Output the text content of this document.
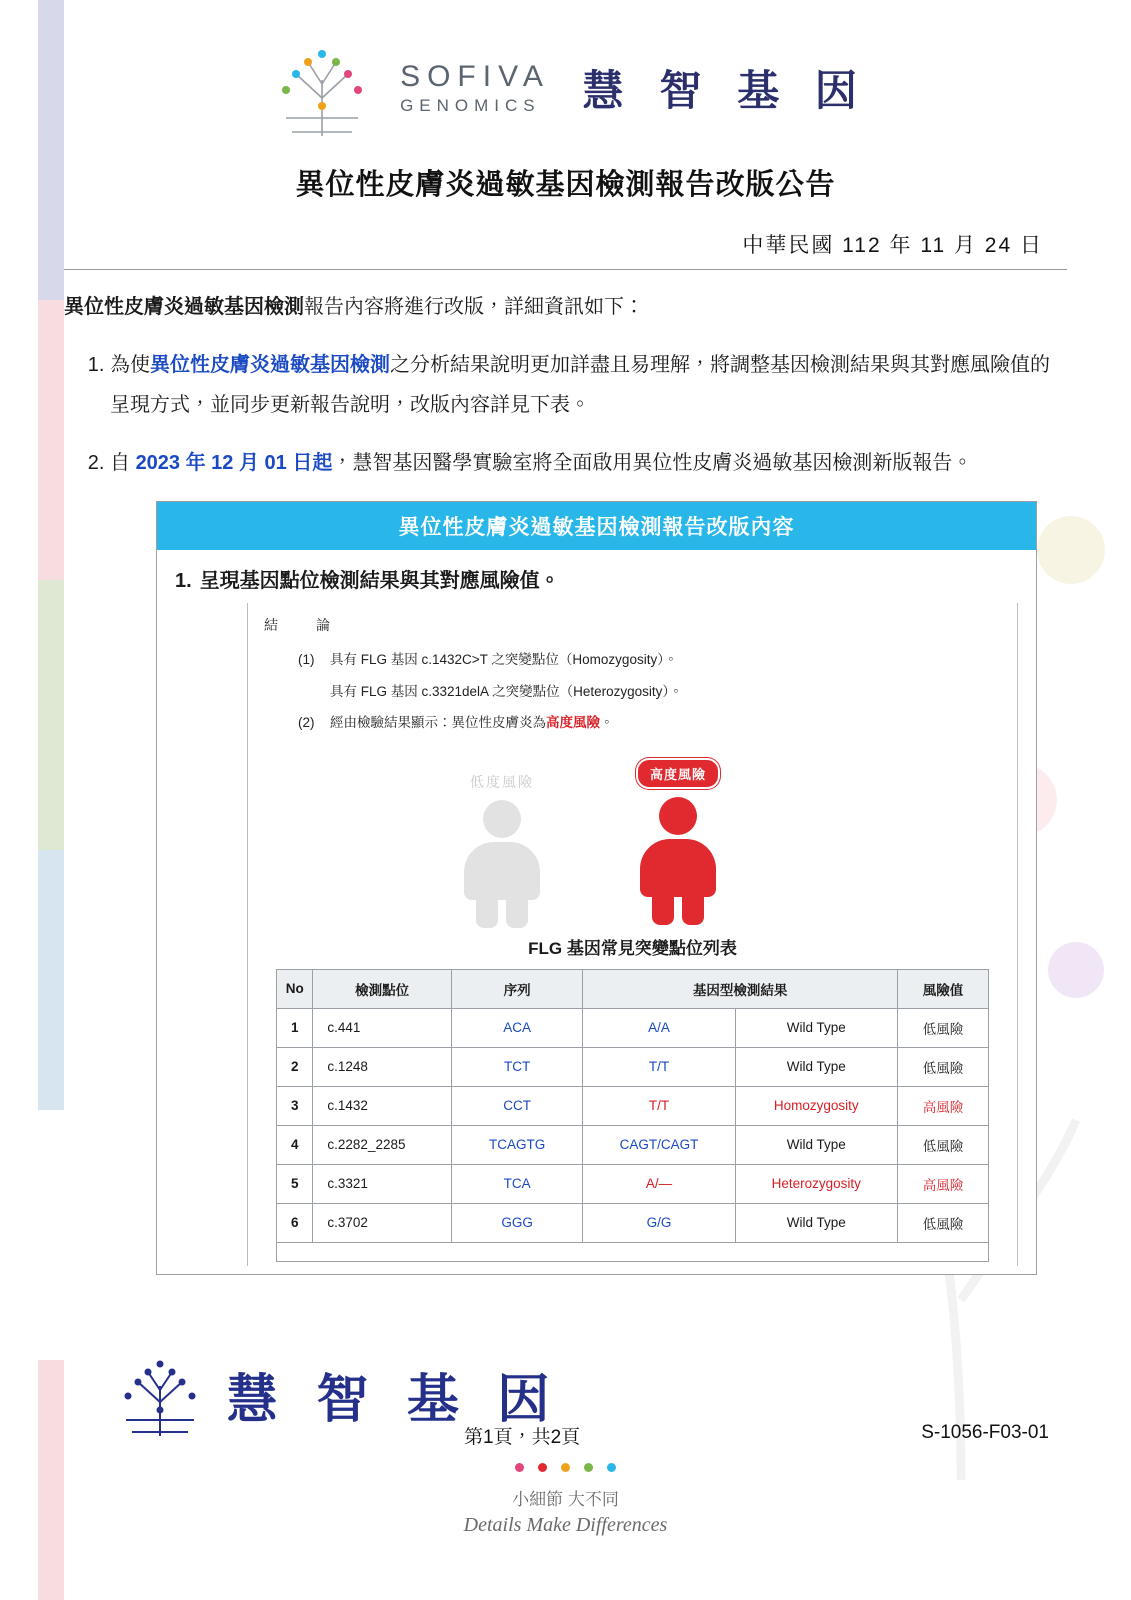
SOFIVA
GENOMICS 慧 智 基 因
異位性皮膚炎過敏基因檢測報告改版公告
中華民國 112 年 11 月 24 日

異位性皮膚炎過敏基因檢測報告內容將進行改版，詳細資訊如下：

1. 為使異位性皮膚炎過敏基因檢測之分析結果說明更加詳盡且易理解，將調整基因檢測結果與其對應風險值的呈現方式，並同步更新報告說明，改版內容詳見下表。
2. 自 2023 年 12 月 01 日起，慧智基因醫學實驗室將全面啟用異位性皮膚炎過敏基因檢測新版報告。
異位性皮膚炎過敏基因檢測報告改版內容
1. 呈現基因點位檢測結果與其對應風險值。
結　論
(1) 具有 FLG 基因 c.1432C>T 之突變點位（Homozygosity）。
具有 FLG 基因 c.3321delA 之突變點位（Heterozygosity）。
(2) 經由檢驗結果顯示：異位性皮膚炎為高度風險。
低度風險	高度風險
FLG 基因常見突變點位列表
No	檢測點位	序列	基因型檢測結果		風險值
1	c.441	ACA	A/A	Wild Type	低風險
2	c.1248	TCT	T/T	Wild Type	低風險
3	c.1432	CCT	T/T	Homozygosity	高風險
4	c.2282_2285	TCAGTG	CAGT/CAGT	Wild Type	低風險
5	c.3321	TCA	A/—	Heterozygosity	高風險
6	c.3702	GGG	G/G	Wild Type	低風險

慧 智 基 因
第1頁，共2頁	S-1056-F03-01
小細節 大不同
Details Make Differences
